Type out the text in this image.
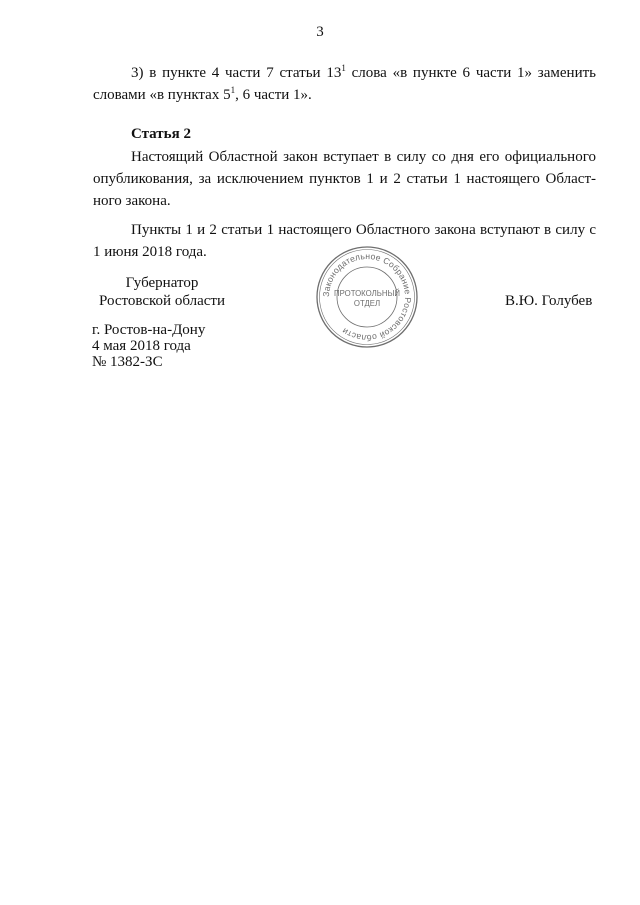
3

3) в пункте 4 части 7 статьи $13^1$ слова «в пункте 6 части 1» заменить словами «в пунктах $5^1$, 6 части 1».

Статья 2

Настоящий Областной закон вступает в силу со дня его официального опубликования, за исключением пунктов 1 и 2 статьи 1 настоящего Област-ного закона.

Пункты 1 и 2 статьи 1 настоящего Областного закона вступают в силу с 1 июня 2018 года.

Губернатор
Ростовской области	Законодательное Собрание Ростовской области
ПРОТОКОЛЬНЫЙ
ОТДЕЛ	В.Ю. Голубев
г. Ростов-на-Дону
4 мая 2018 года
№ 1382-ЗС
